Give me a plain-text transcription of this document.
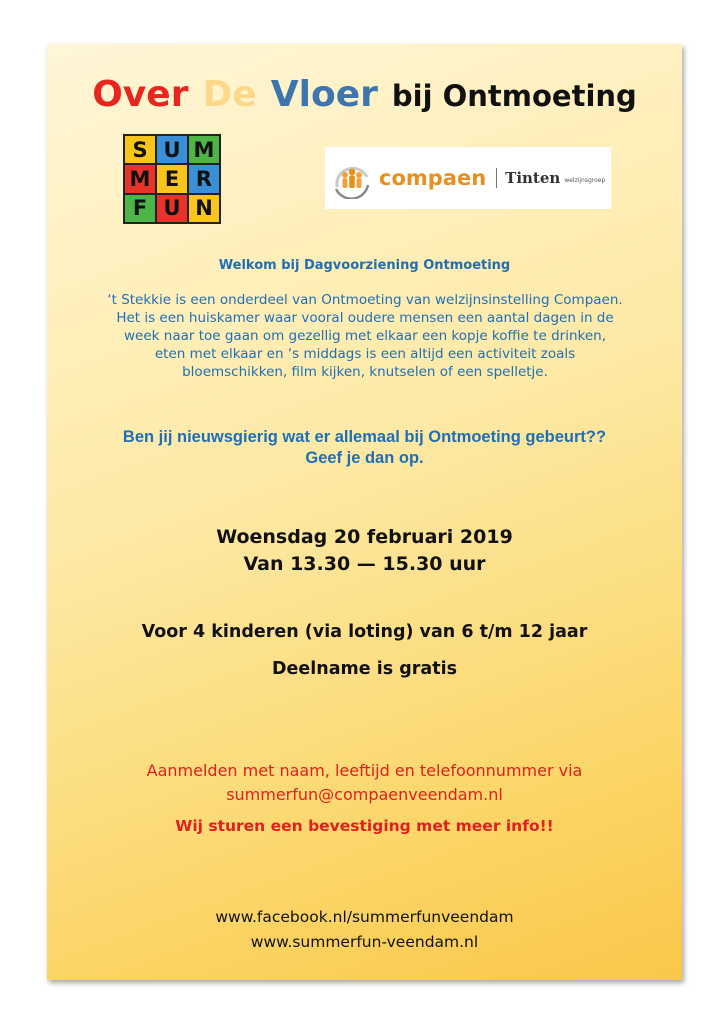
Over De Vloer bij Ontmoeting
S U M
M E R
F U N
compaen Tinten welzijnsgroep
Welkom bij Dagvoorziening Ontmoeting

‘t Stekkie is een onderdeel van Ontmoeting van welzijnsinstelling Compaen.
Het is een huiskamer waar vooral oudere mensen een aantal dagen in de
week naar toe gaan om gezellig met elkaar een kopje koffie te drinken,
eten met elkaar en ‘s middags is een altijd een activiteit zoals
bloemschikken, film kijken, knutselen of een spelletje.

Ben jij nieuwsgierig wat er allemaal bij Ontmoeting gebeurt??
Geef je dan op.
Woensdag 20 februari 2019
Van 13.30 — 15.30 uur
Voor 4 kinderen (via loting) van 6 t/m 12 jaar
Deelname is gratis
Aanmelden met naam, leeftijd en telefoonnummer via
summerfun@compaenveendam.nl
Wij sturen een bevestiging met meer info!!
www.facebook.nl/summerfunveendam
www.summerfun-veendam.nl
